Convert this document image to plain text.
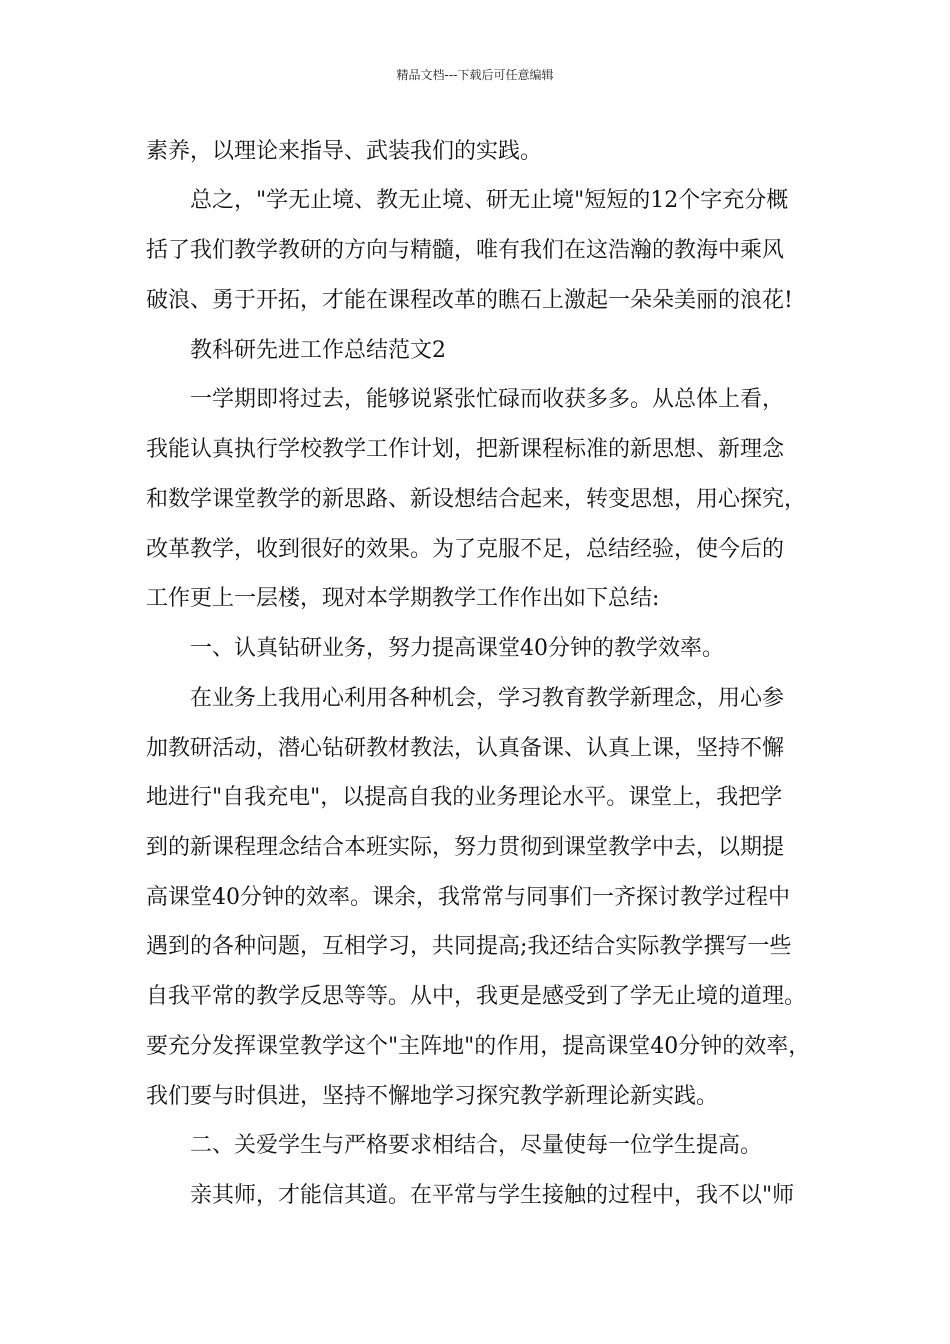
精品文档---下载后可任意编辑
素养，以理论来指导、武装我们的实践。
总之，"学无止境、教无止境、研无止境"短短的12个字充分概
括了我们教学教研的方向与精髓，唯有我们在这浩瀚的教海中乘风
破浪、勇于开拓，才能在课程改革的瞧石上激起一朵朵美丽的浪花!
教科研先进工作总结范文2
一学期即将过去，能够说紧张忙碌而收获多多。从总体上看，
我能认真执行学校教学工作计划，把新课程标准的新思想、新理念
和数学课堂教学的新思路、新设想结合起来，转变思想，用心探究，
改革教学，收到很好的效果。为了克服不足，总结经验，使今后的
工作更上一层楼，现对本学期教学工作作出如下总结:
一、认真钻研业务，努力提高课堂40分钟的教学效率。
在业务上我用心利用各种机会，学习教育教学新理念，用心参
加教研活动，潜心钻研教材教法，认真备课、认真上课，坚持不懈
地进行"自我充电"，以提高自我的业务理论水平。课堂上，我把学
到的新课程理念结合本班实际，努力贯彻到课堂教学中去，以期提
高课堂40分钟的效率。课余，我常常与同事们一齐探讨教学过程中
遇到的各种问题，互相学习，共同提高;我还结合实际教学撰写一些
自我平常的教学反思等等。从中，我更是感受到了学无止境的道理。
要充分发挥课堂教学这个"主阵地"的作用，提高课堂40分钟的效率，
我们要与时俱进，坚持不懈地学习探究教学新理论新实践。
二、关爱学生与严格要求相结合，尽量使每一位学生提高。
亲其师，才能信其道。在平常与学生接触的过程中，我不以"师
